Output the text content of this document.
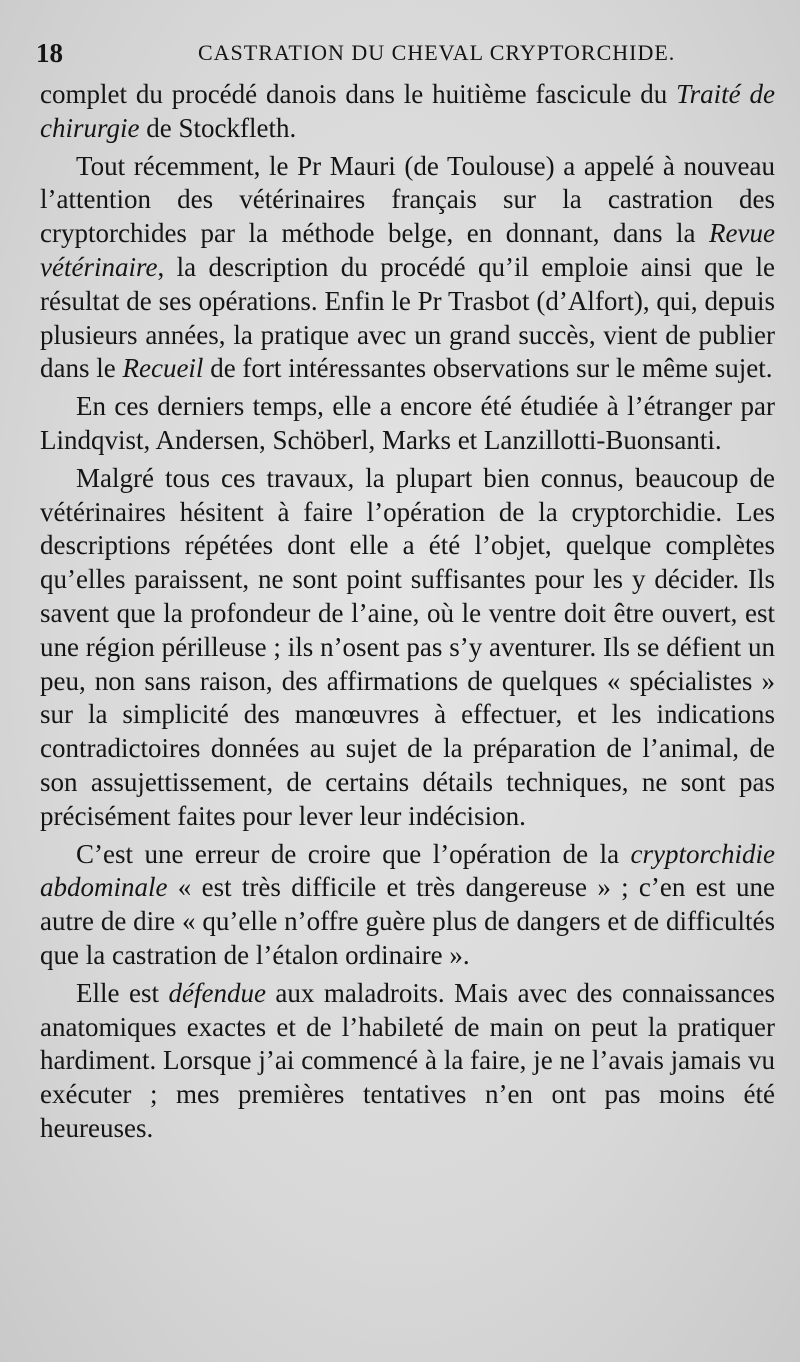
18	CASTRATION DU CHEVAL CRYPTORCHIDE.

complet du procédé danois dans le huitième fascicule du Traité de chirurgie de Stockfleth.

Tout récemment, le Pr Mauri (de Toulouse) a appelé à nouveau l’attention des vétérinaires français sur la castration des cryptorchides par la méthode belge, en donnant, dans la Revue vétérinaire, la description du procédé qu’il emploie ainsi que le résultat de ses opérations. Enfin le Pr Trasbot (d’Alfort), qui, depuis plusieurs années, la pratique avec un grand succès, vient de publier dans le Recueil de fort intéressantes observations sur le même sujet.

En ces derniers temps, elle a encore été étudiée à l’étranger par Lindqvist, Andersen, Schöberl, Marks et Lanzillotti-Buonsanti.

Malgré tous ces travaux, la plupart bien connus, beaucoup de vétérinaires hésitent à faire l’opération de la cryptorchidie. Les descriptions répétées dont elle a été l’objet, quelque complètes qu’elles paraissent, ne sont point suffisantes pour les y décider. Ils savent que la profondeur de l’aine, où le ventre doit être ouvert, est une région périlleuse ; ils n’osent pas s’y aventurer. Ils se défient un peu, non sans raison, des affirmations de quelques « spécialistes » sur la simplicité des manœuvres à effectuer, et les indications contradictoires données au sujet de la préparation de l’animal, de son assujettissement, de certains détails techniques, ne sont pas précisément faites pour lever leur indécision.

C’est une erreur de croire que l’opération de la cryptorchidie abdominale « est très difficile et très dangereuse » ; c’en est une autre de dire « qu’elle n’offre guère plus de dangers et de difficultés que la castration de l’étalon ordinaire ».

Elle est défendue aux maladroits. Mais avec des connaissances anatomiques exactes et de l’habileté de main on peut la pratiquer hardiment. Lorsque j’ai commencé à la faire, je ne l’avais jamais vu exécuter ; mes premières tentatives n’en ont pas moins été heureuses.
